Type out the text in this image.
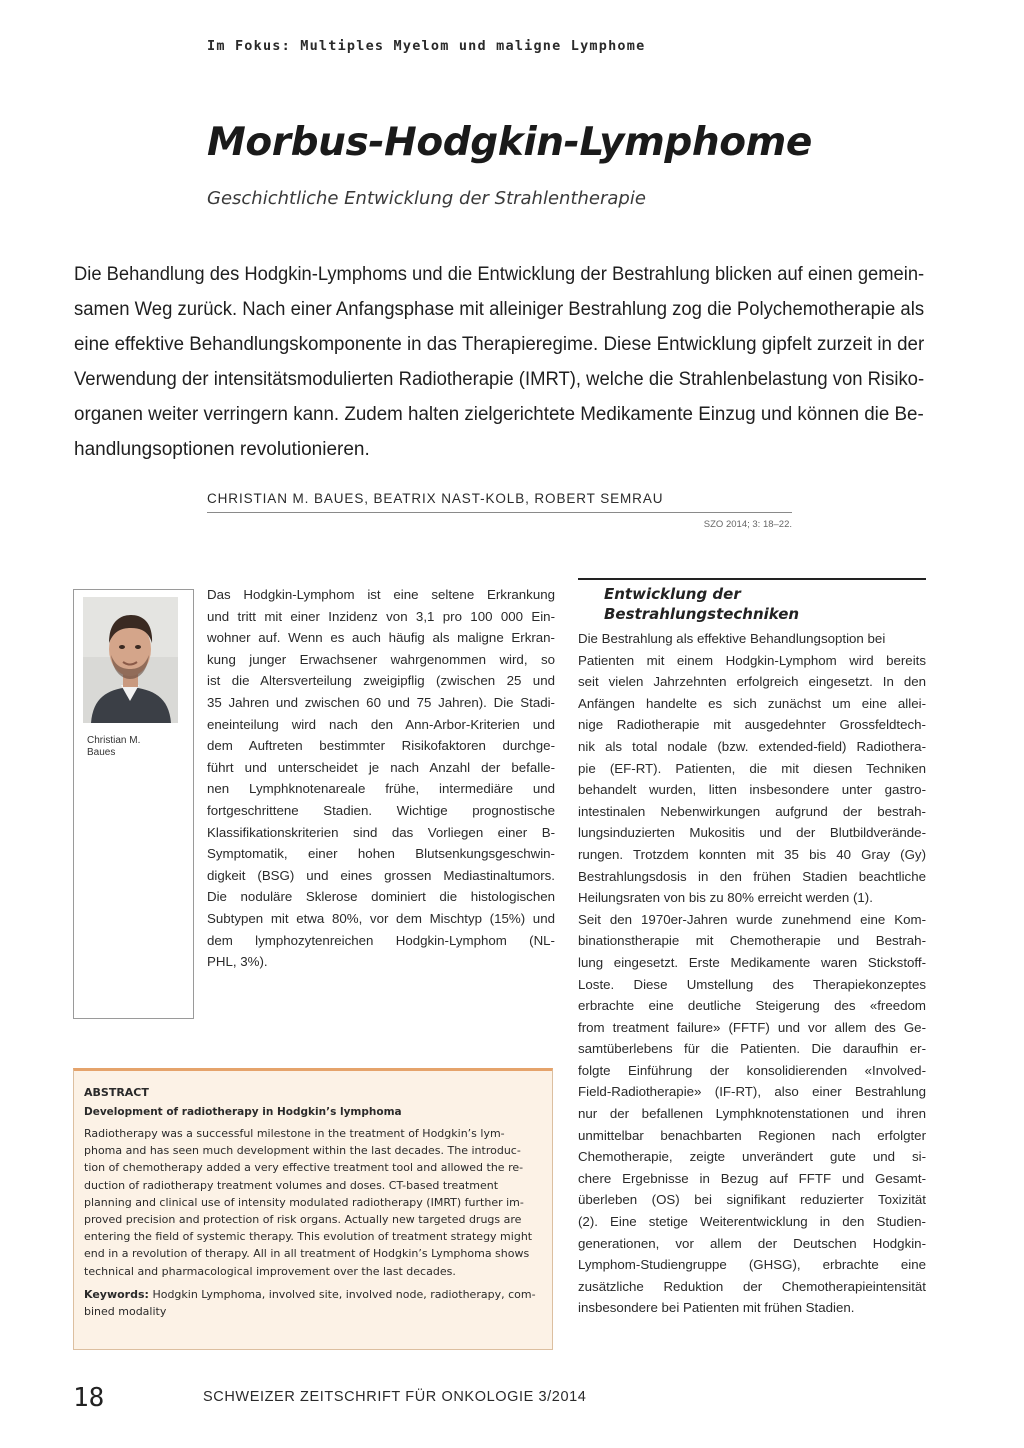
Im Fokus: Multiples Myelom und maligne Lymphome
Morbus-Hodgkin-Lymphome
Geschichtliche Entwicklung der Strahlentherapie
Die Behandlung des Hodgkin-Lymphoms und die Entwicklung der Bestrahlung blicken auf einen gemein-
samen Weg zurück. Nach einer Anfangsphase mit alleiniger Bestrahlung zog die Polychemotherapie als
eine effektive Behandlungskomponente in das Therapieregime. Diese Entwicklung gipfelt zurzeit in der
Verwendung der intensitätsmodulierten Radiotherapie (IMRT), welche die Strahlenbelastung von Risiko-
organen weiter verringern kann. Zudem halten zielgerichtete Medikamente Einzug und können die Be-
handlungsoptionen revolutionieren.
CHRISTIAN M. BAUES, BEATRIX NAST-KOLB, ROBERT SEMRAU
SZO 2014; 3: 18–22.
Christian M.
Baues
Das Hodgkin-Lymphom ist eine seltene Erkrankung
und tritt mit einer Inzidenz von 3,1 pro 100 000 Ein-
wohner auf. Wenn es auch häufig als maligne Erkran-
kung junger Erwachsener wahrgenommen wird, so
ist die Altersverteilung zweigipflig (zwischen 25 und
35 Jahren und zwischen 60 und 75 Jahren). Die Stadi-
eneinteilung wird nach den Ann-Arbor-Kriterien und
dem Auftreten bestimmter Risikofaktoren durchge-
führt und unterscheidet je nach Anzahl der befalle-
nen Lymphknotenareale frühe, intermediäre und
fortgeschrittene Stadien. Wichtige prognostische
Klassifikationskriterien sind das Vorliegen einer B-
Symptomatik, einer hohen Blutsenkungsgeschwin-
digkeit (BSG) und eines grossen Mediastinaltumors.
Die noduläre Sklerose dominiert die histologischen
Subtypen mit etwa 80%, vor dem Mischtyp (15%) und
dem lymphozytenreichen Hodgkin-Lymphom (NL-
PHL, 3%).
Entwicklung der
Bestrahlungstechniken
Die Bestrahlung als effektive Behandlungsoption bei
Patienten mit einem Hodgkin-Lymphom wird bereits
seit vielen Jahrzehnten erfolgreich eingesetzt. In den
Anfängen handelte es sich zunächst um eine allei-
nige Radiotherapie mit ausgedehnter Grossfeldtech-
nik als total nodale (bzw. extended-field) Radiothera-
pie (EF-RT). Patienten, die mit diesen Techniken
behandelt wurden, litten insbesondere unter gastro-
intestinalen Nebenwirkungen aufgrund der bestrah-
lungsinduzierten Mukositis und der Blutbildverände-
rungen. Trotzdem konnten mit 35 bis 40 Gray (Gy)
Bestrahlungsdosis in den frühen Stadien beachtliche
Heilungsraten von bis zu 80% erreicht werden (1).
Seit den 1970er-Jahren wurde zunehmend eine Kom-
binationstherapie mit Chemotherapie und Bestrah-
lung eingesetzt. Erste Medikamente waren Stickstoff-
Loste. Diese Umstellung des Therapiekonzeptes
erbrachte eine deutliche Steigerung des «freedom
from treatment failure» (FFTF) und vor allem des Ge-
samtüberlebens für die Patienten. Die daraufhin er-
folgte Einführung der konsolidierenden «Involved-
Field-Radiotherapie» (IF-RT), also einer Bestrahlung
nur der befallenen Lymphknotenstationen und ihren
unmittelbar benachbarten Regionen nach erfolgter
Chemotherapie, zeigte unverändert gute und si-
chere Ergebnisse in Bezug auf FFTF und Gesamt-
überleben (OS) bei signifikant reduzierter Toxizität
(2). Eine stetige Weiterentwicklung in den Studien-
generationen, vor allem der Deutschen Hodgkin-
Lymphom-Studiengruppe (GHSG), erbrachte eine
zusätzliche Reduktion der Chemotherapieintensität
insbesondere bei Patienten mit frühen Stadien.
ABSTRACT
Development of radiotherapy in Hodgkin’s lymphoma
Radiotherapy was a successful milestone in the treatment of Hodgkin’s lym-
phoma and has seen much development within the last decades. The introduc-
tion of chemotherapy added a very effective treatment tool and allowed the re-
duction of radiotherapy treatment volumes and doses. CT-based treatment
planning and clinical use of intensity modulated radiotherapy (IMRT) further im-
proved precision and protection of risk organs. Actually new targeted drugs are
entering the field of systemic therapy. This evolution of treatment strategy might
end in a revolution of therapy. All in all treatment of Hodgkin’s Lymphoma shows
technical and pharmacological improvement over the last decades.
Keywords: Hodgkin Lymphoma, involved site, involved node, radiotherapy, com-
bined modality
18	SCHWEIZER ZEITSCHRIFT FÜR ONKOLOGIE 3/2014
